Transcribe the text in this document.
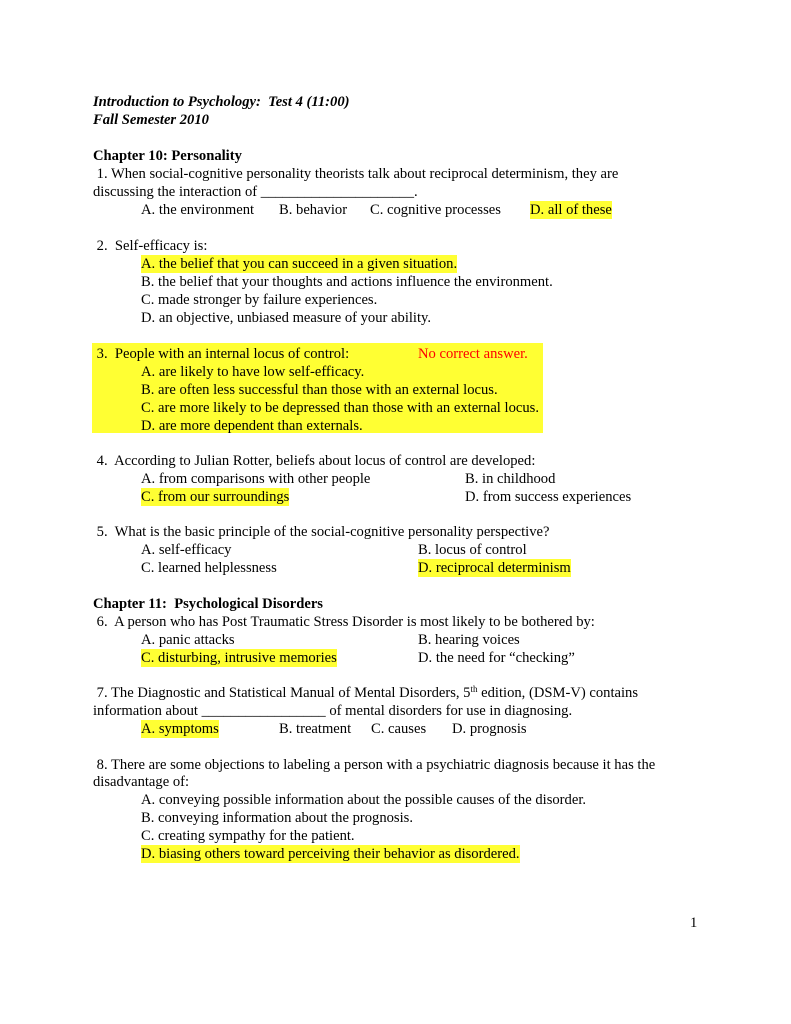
Introduction to Psychology:  Test 4 (11:00)
Fall Semester 2010
Chapter 10: Personality
1. When social-cognitive personality theorists talk about reciprocal determinism, they are
discussing the interaction of _____________________.
A. the environment B. behavior C. cognitive processes D. all of these
2.  Self-efficacy is:
A. the belief that you can succeed in a given situation.
B. the belief that your thoughts and actions influence the environment.
C. made stronger by failure experiences.
D. an objective, unbiased measure of your ability.
3.  People with an internal locus of control:	No correct answer.
A. are likely to have low self-efficacy.
B. are often less successful than those with an external locus.
C. are more likely to be depressed than those with an external locus.
D. are more dependent than externals.
4.  According to Julian Rotter, beliefs about locus of control are developed:
A. from comparisons with other people	B. in childhood
C. from our surroundings	D. from success experiences
5.  What is the basic principle of the social-cognitive personality perspective?
A. self-efficacy	B. locus of control
C. learned helplessness	D. reciprocal determinism
Chapter 11:  Psychological Disorders
6.  A person who has Post Traumatic Stress Disorder is most likely to be bothered by:
A. panic attacks	B. hearing voices
C. disturbing, intrusive memories	D. the need for “checking”
7. The Diagnostic and Statistical Manual of Mental Disorders, 5th edition, (DSM-V) contains
information about _________________ of mental disorders for use in diagnosing.
A. symptoms	B. treatment C. causes D. prognosis
8. There are some objections to labeling a person with a psychiatric diagnosis because it has the
disadvantage of:
A. conveying possible information about the possible causes of the disorder.
B. conveying information about the prognosis.
C. creating sympathy for the patient.
D. biasing others toward perceiving their behavior as disordered.
1
